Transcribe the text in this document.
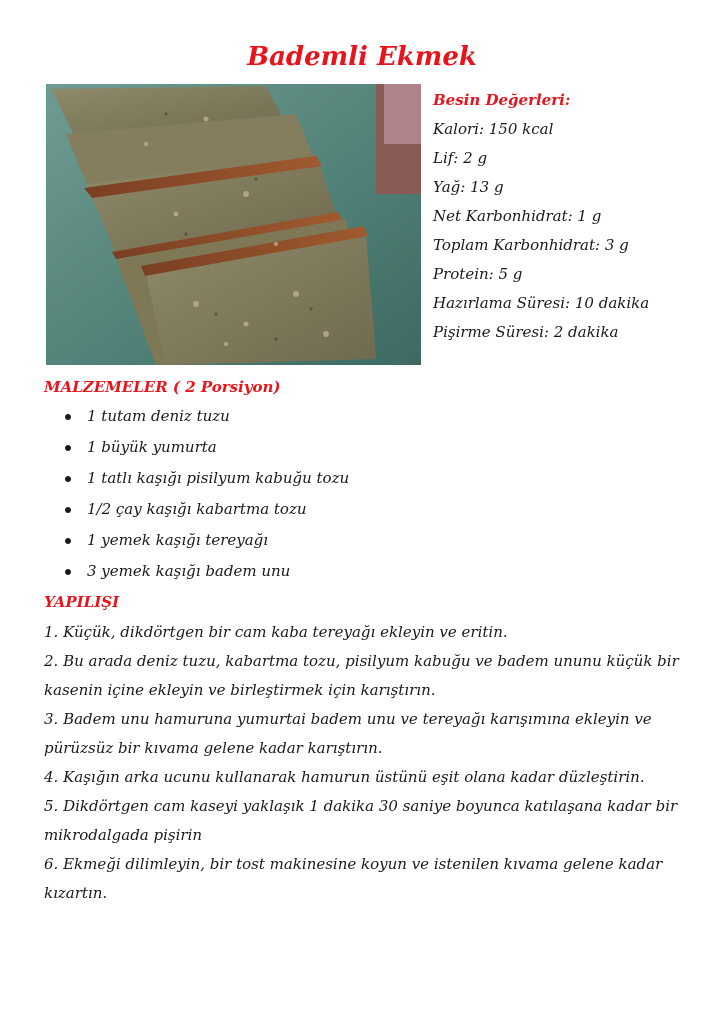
Bademli Ekmek
Besin Değerleri:
Kalori: 150 kcal
Lif: 2 g
Yağ: 13 g
Net Karbonhidrat: 1 g
Toplam Karbonhidrat: 3 g
Protein: 5 g
Hazırlama Süresi: 10 dakika
Pişirme Süresi: 2 dakika
MALZEMELER ( 2 Porsiyon)
1 tutam deniz tuzu
1 büyük yumurta
1 tatlı kaşığı pisilyum kabuğu tozu
1/2 çay kaşığı kabartma tozu
1 yemek kaşığı tereyağı
3 yemek kaşığı badem unu
YAPILIŞI

1. Küçük, dikdörtgen bir cam kaba tereyağı ekleyin ve eritin.

2. Bu arada deniz tuzu, kabartma tozu, pisilyum kabuğu ve badem ununu küçük bir kasenin içine ekleyin ve birleştirmek için karıştırın.

3. Badem unu hamuruna yumurtai badem unu ve tereyağı karışımına ekleyin ve pürüzsüz bir kıvama gelene kadar karıştırın.

4. Kaşığın arka ucunu kullanarak hamurun üstünü eşit olana kadar düzleştirin.

5. Dikdörtgen cam kaseyi yaklaşık 1 dakika 30 saniye boyunca katılaşana kadar bir mikrodalgada pişirin

6. Ekmeği dilimleyin, bir tost makinesine koyun ve istenilen kıvama gelene kadar kızartın.
